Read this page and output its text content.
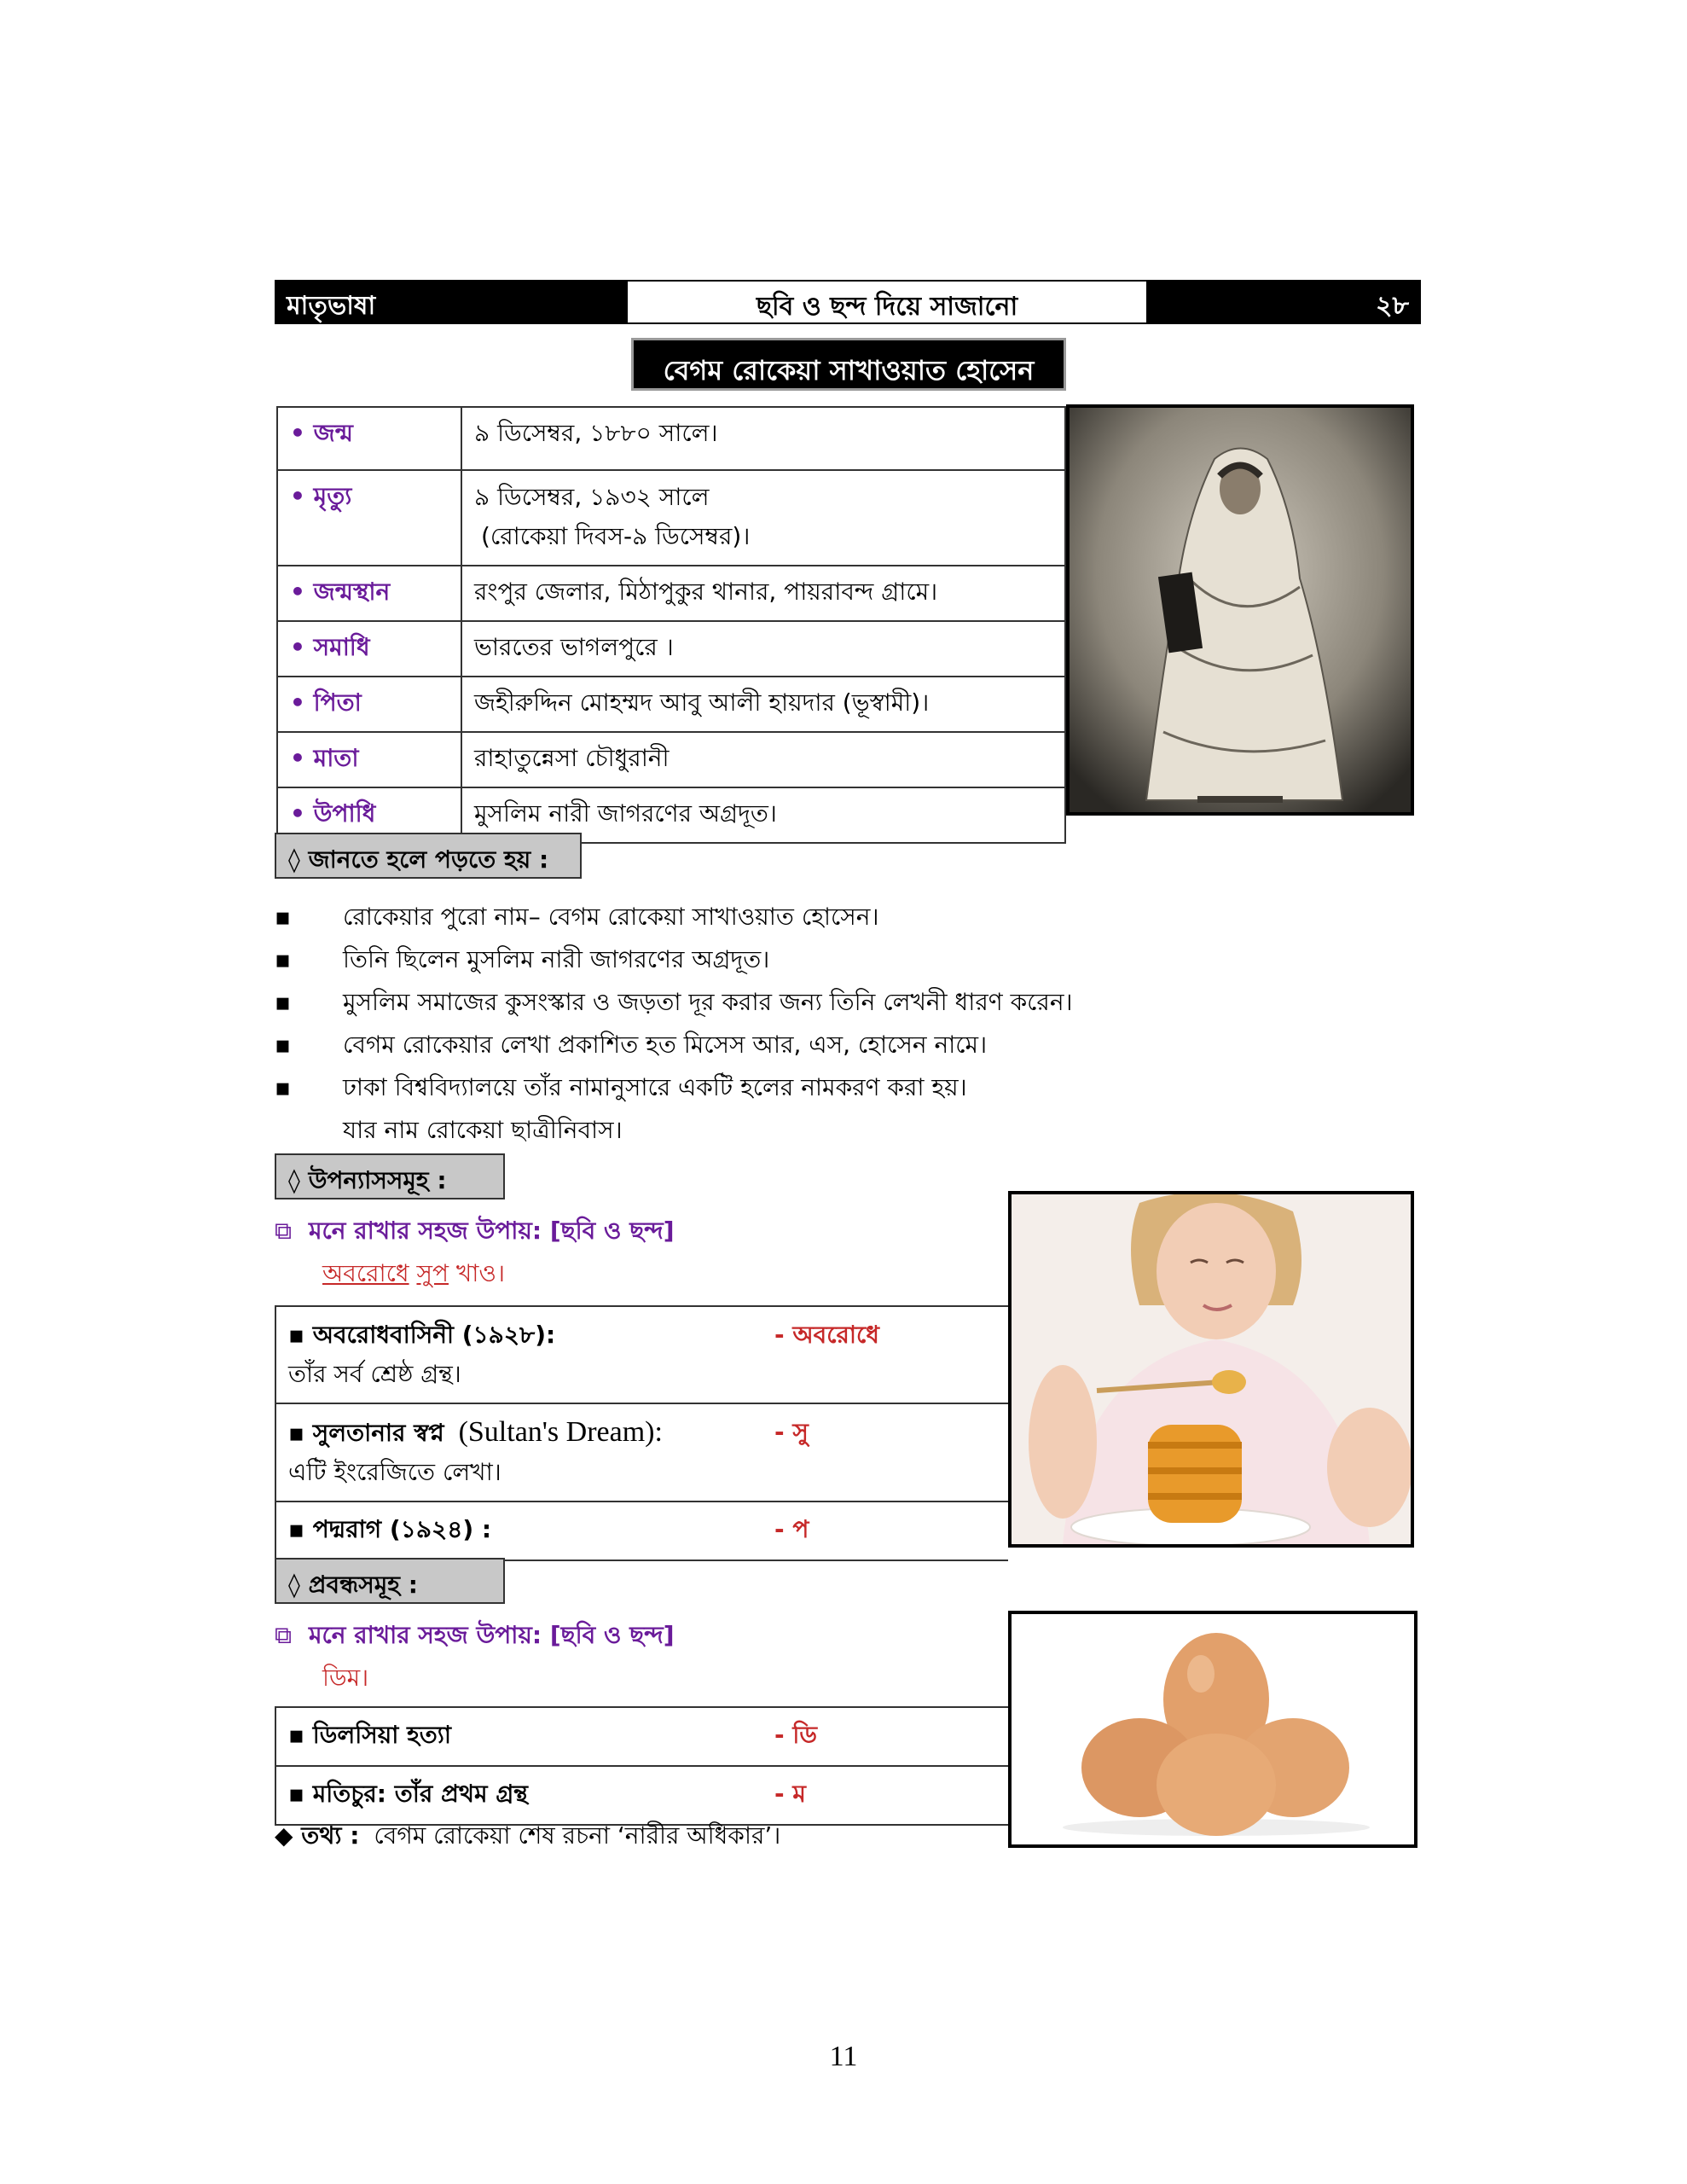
মাতৃভাষা	ছবি ও ছন্দ দিয়ে সাজানো	২৮
বেগম রোকেয়া সাখাওয়াত হোসেন
• জন্ম	৯ ডিসেম্বর, ১৮৮০ সালে।
• মৃত্যু	৯ ডিসেম্বর, ১৯৩২ সালে
(রোকেয়া দিবস-৯ ডিসেম্বর)।

• জন্মস্থান	রংপুর জেলার, মিঠাপুকুর থানার, পায়রাবন্দ গ্রামে।
• সমাধি	ভারতের ভাগলপুরে ।
• পিতা	জহীরুদ্দিন মোহম্মদ আবু আলী হায়দার (ভূস্বামী)।
• মাতা	রাহাতুন্নেসা চৌধুরানী
• উপাধি	মুসলিম নারী জাগরণের অগ্রদূত।
◊ জানতে হলে পড়তে হয় :
▪ রোকেয়ার পুরো নাম– বেগম রোকেয়া সাখাওয়াত হোসেন।
▪ তিনি ছিলেন মুসলিম নারী জাগরণের অগ্রদূত।
▪ মুসলিম সমাজের কুসংস্কার ও জড়তা দূর করার জন্য তিনি লেখনী ধারণ করেন।
▪ বেগম রোকেয়ার লেখা প্রকাশিত হত মিসেস আর, এস, হোসেন নামে।
▪ ঢাকা বিশ্ববিদ্যালয়ে তাঁর নামানুসারে একটি হলের নামকরণ করা হয়।
যার নাম রোকেয়া ছাত্রীনিবাস।
◊ উপন্যাসসমূহ :
⧉ মনে রাখার সহজ উপায়: [ছবি ও ছন্দ]
অবরোধে সুপ খাও।
▪ অবরোধবাসিনী (১৯২৮):	- অবরোধে
তাঁর সর্ব শ্রেষ্ঠ গ্রন্থ।

▪ সুলতানার স্বপ্ন (Sultan's Dream):	- সু
এটি ইংরেজিতে লেখা।

▪ পদ্মরাগ (১৯২৪) :	- প
◊ প্রবন্ধসমূহ :
⧉ মনে রাখার সহজ উপায়: [ছবি ও ছন্দ]
ডিম।
▪ ডিলসিয়া হত্যা	- ডি

▪ মতিচুর: তাঁর প্রথম গ্রন্থ	- ম
◆ তথ্য : বেগম রোকেয়া শেষ রচনা ‘নারীর অধিকার’।
11
